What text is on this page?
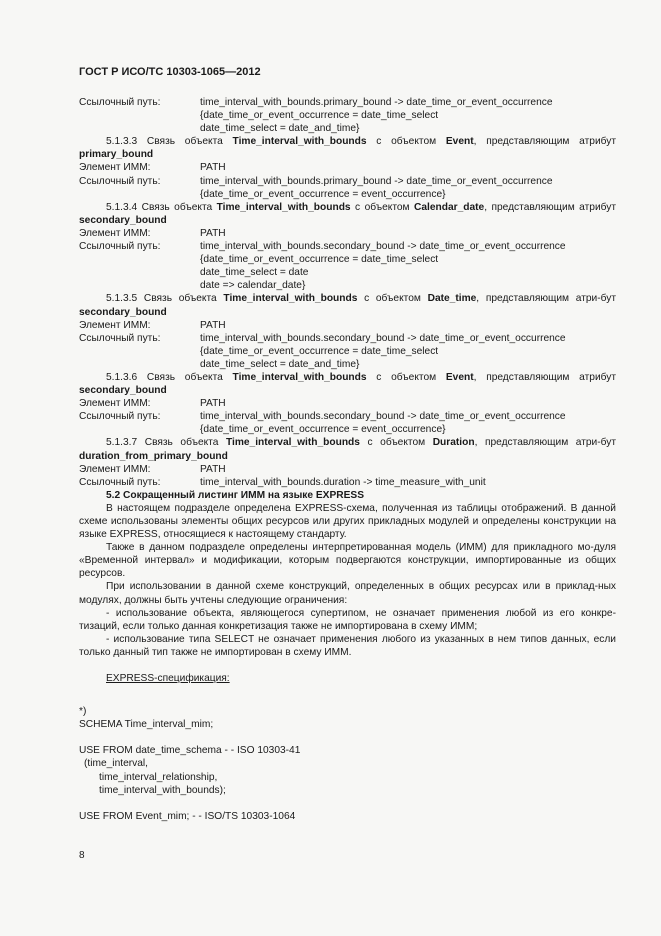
ГОСТ Р ИСО/ТС 10303-1065—2012
Ссылочный путь:	time_interval_with_bounds.primary_bound -> date_time_or_event_occurrence
{date_time_or_event_occurrence = date_time_select
date_time_select = date_and_time}
5.1.3.3 Связь объекта Time_interval_with_bounds с объектом Event, представляющим атрибут primary_bound
Элемент ИММ:	PATH
Ссылочный путь:	time_interval_with_bounds.primary_bound -> date_time_or_event_occurrence
{date_time_or_event_occurrence = event_occurrence}
5.1.3.4 Связь объекта Time_interval_with_bounds с объектом Calendar_date, представляющим атрибут secondary_bound
Элемент ИММ:	PATH
Ссылочный путь:	time_interval_with_bounds.secondary_bound -> date_time_or_event_occurrence
{date_time_or_event_occurrence = date_time_select
date_time_select = date
date => calendar_date}
5.1.3.5 Связь объекта Time_interval_with_bounds с объектом Date_time, представляющим атри-бут secondary_bound
Элемент ИММ:	PATH
Ссылочный путь:	time_interval_with_bounds.secondary_bound -> date_time_or_event_occurrence
{date_time_or_event_occurrence = date_time_select
date_time_select = date_and_time}
5.1.3.6 Связь объекта Time_interval_with_bounds с объектом Event, представляющим атрибут secondary_bound
Элемент ИММ:	PATH
Ссылочный путь:	time_interval_with_bounds.secondary_bound -> date_time_or_event_occurrence
{date_time_or_event_occurrence = event_occurrence}
5.1.3.7 Связь объекта Time_interval_with_bounds с объектом Duration, представляющим атри-бут duration_from_primary_bound
Элемент ИММ:	PATH
Ссылочный путь:	time_interval_with_bounds.duration -> time_measure_with_unit
5.2 Сокращенный листинг ИММ на языке EXPRESS
В настоящем подразделе определена EXPRESS-схема, полученная из таблицы отображений. В данной схеме использованы элементы общих ресурсов или других прикладных модулей и определены конструкции на языке EXPRESS, относящиеся к настоящему стандарту.
Также в данном подразделе определены интерпретированная модель (ИММ) для прикладного мо-дуля «Временной интервал» и модификации, которым подвергаются конструкции, импортированные из общих ресурсов.
При использовании в данной схеме конструкций, определенных в общих ресурсах или в приклад-ных модулях, должны быть учтены следующие ограничения:
- использование объекта, являющегося супертипом, не означает применения любой из его конкре-тизаций, если только данная конкретизация также не импортирована в схему ИММ;
- использование типа SELECT не означает применения любого из указанных в нем типов данных, если только данный тип также не импортирован в схему ИММ.
EXPRESS-спецификация:
*)
SCHEMA Time_interval_mim;
USE FROM date_time_schema - - ISO 10303-41
(time_interval,
time_interval_relationship,
time_interval_with_bounds);
USE FROM Event_mim; - - ISO/TS 10303-1064
8
